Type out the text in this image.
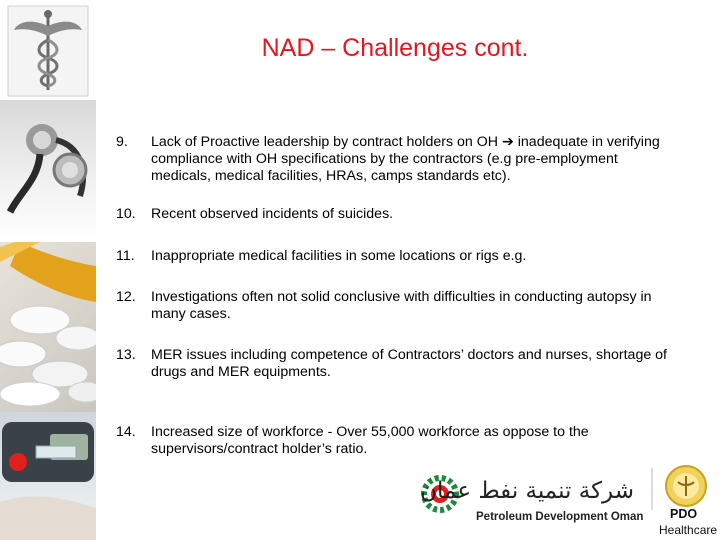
NAD – Challenges cont.
9.	Lack of Proactive leadership by contract holders on OH ➔ inadequate in verifying compliance with OH specifications by the contractors (e.g pre-employment medicals, medical facilities, HRAs, camps standards etc).
10.	Recent observed incidents of suicides.
11.	Inappropriate medical facilities in some locations or rigs e.g.
12.	Investigations often not solid conclusive with difficulties in conducting autopsy in many cases.
13.	MER issues including competence of Contractors’ doctors and nurses, shortage of drugs and MER equipments.
14.	Increased size of workforce - Over 55,000 workforce as oppose to the supervisors/contract holder’s ratio.
شركة تنمية نفط عمان
Petroleum Development Oman PDO
Healthcare
